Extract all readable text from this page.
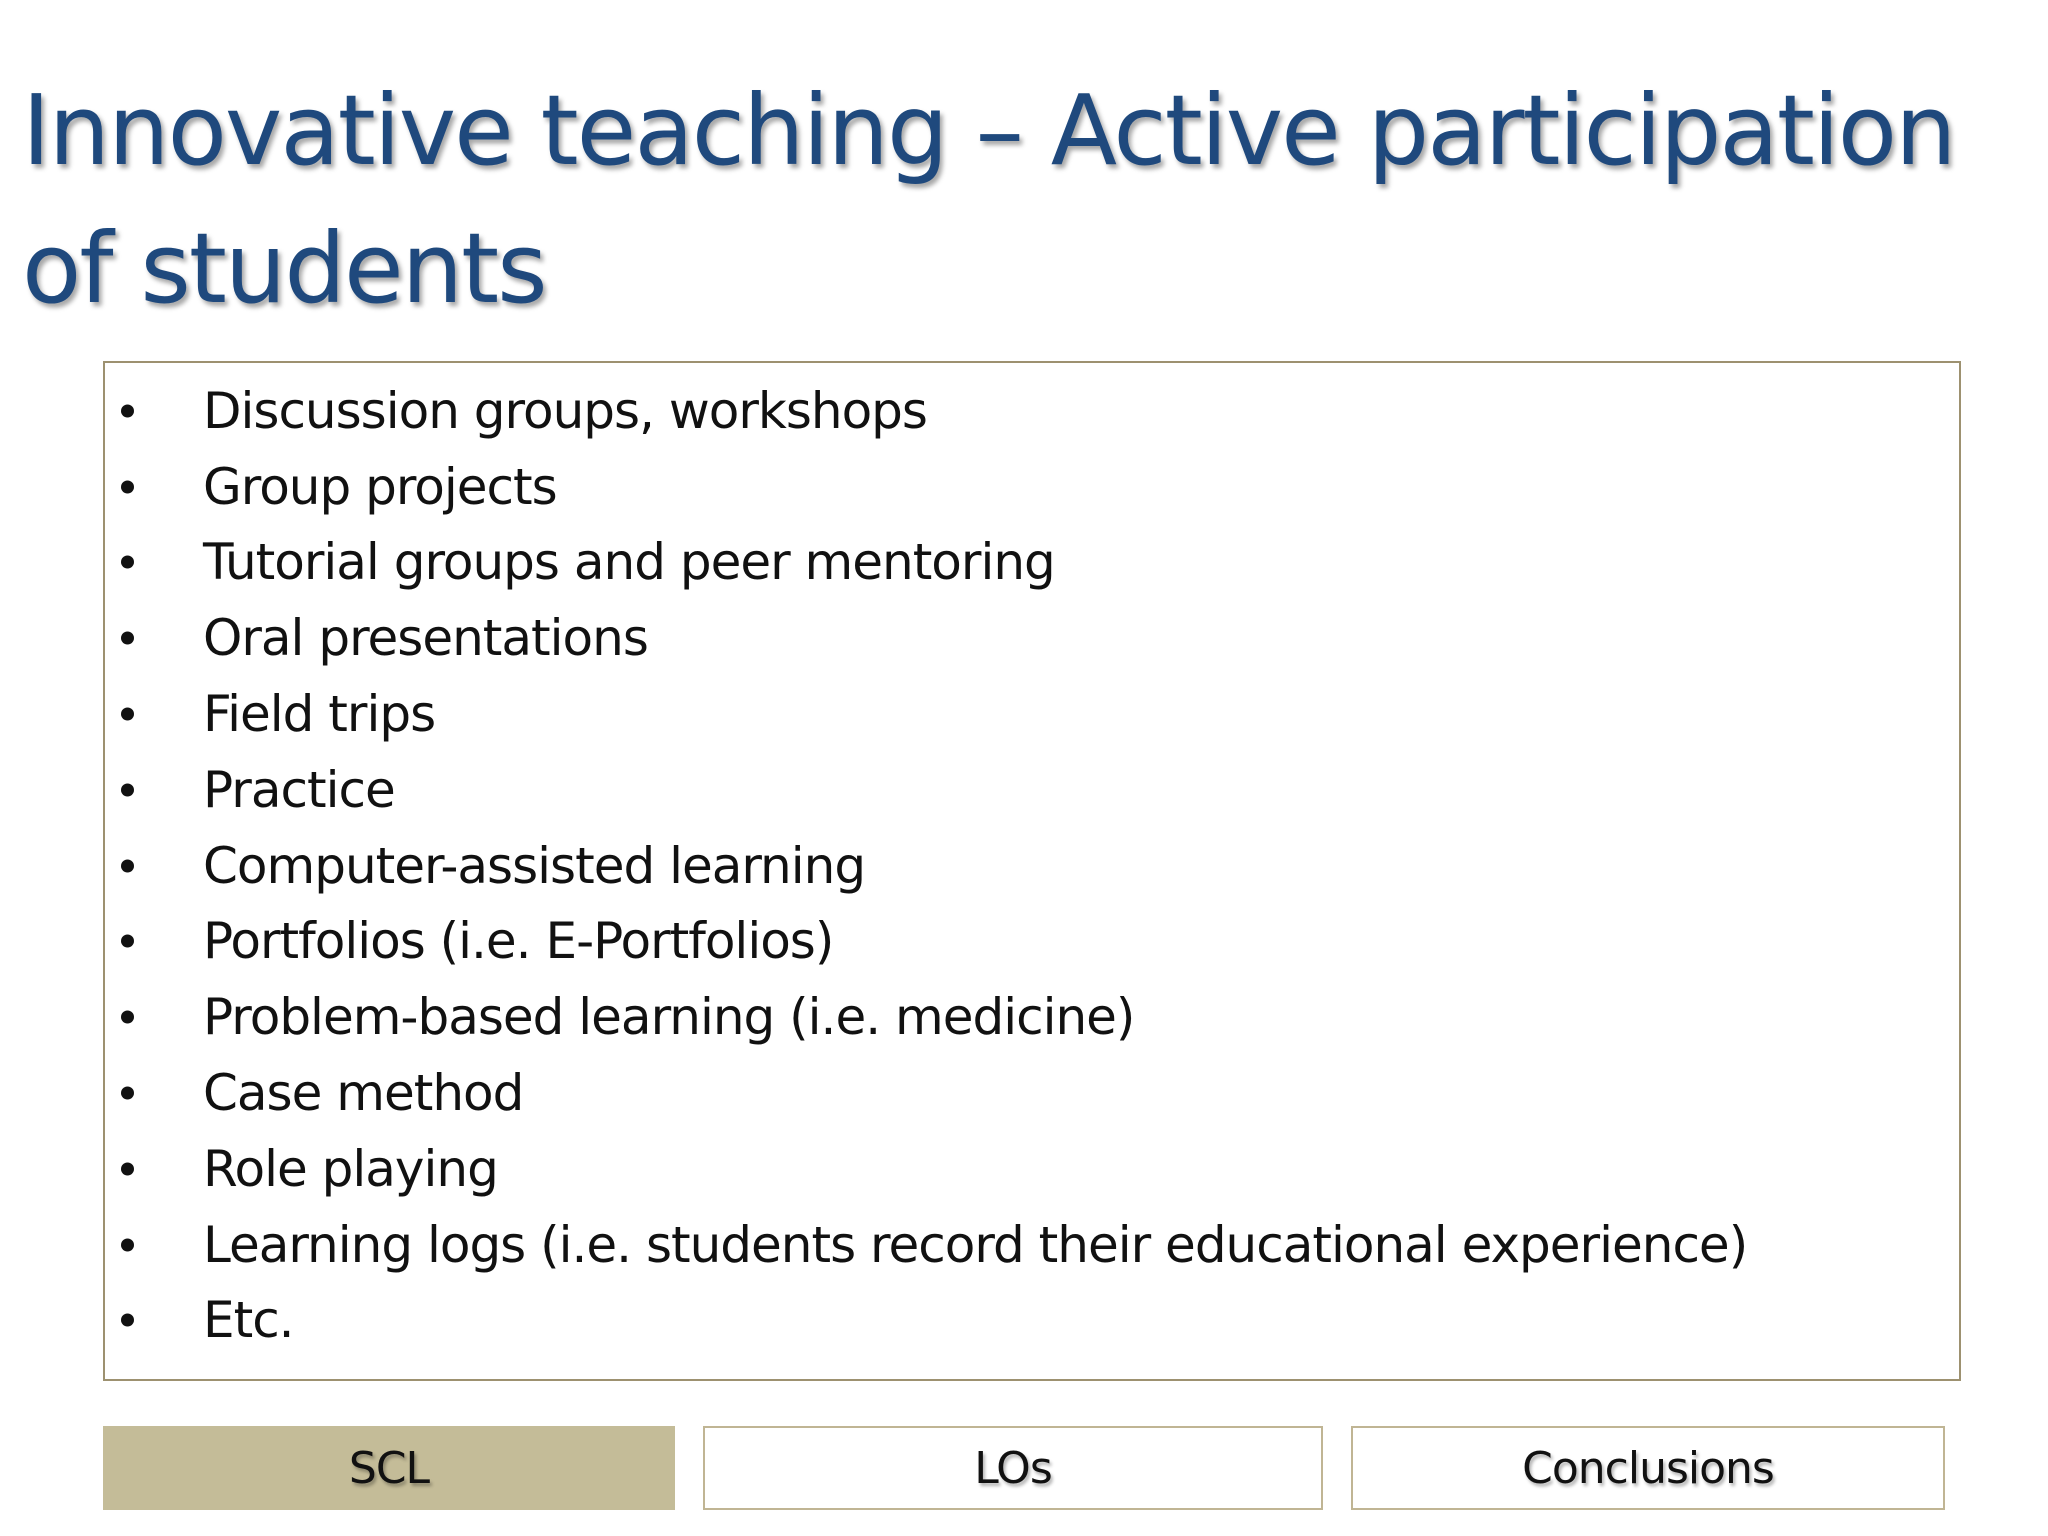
Innovative teaching – Active participation of students
Discussion groups, workshops
Group projects
Tutorial groups and peer mentoring
Oral presentations
Field trips
Practice
Computer-assisted learning
Portfolios (i.e. E-Portfolios)
Problem-based learning (i.e. medicine)
Case method
Role playing
Learning logs (i.e. students record their educational experience)
Etc.
SCL	LOs	Conclusions
